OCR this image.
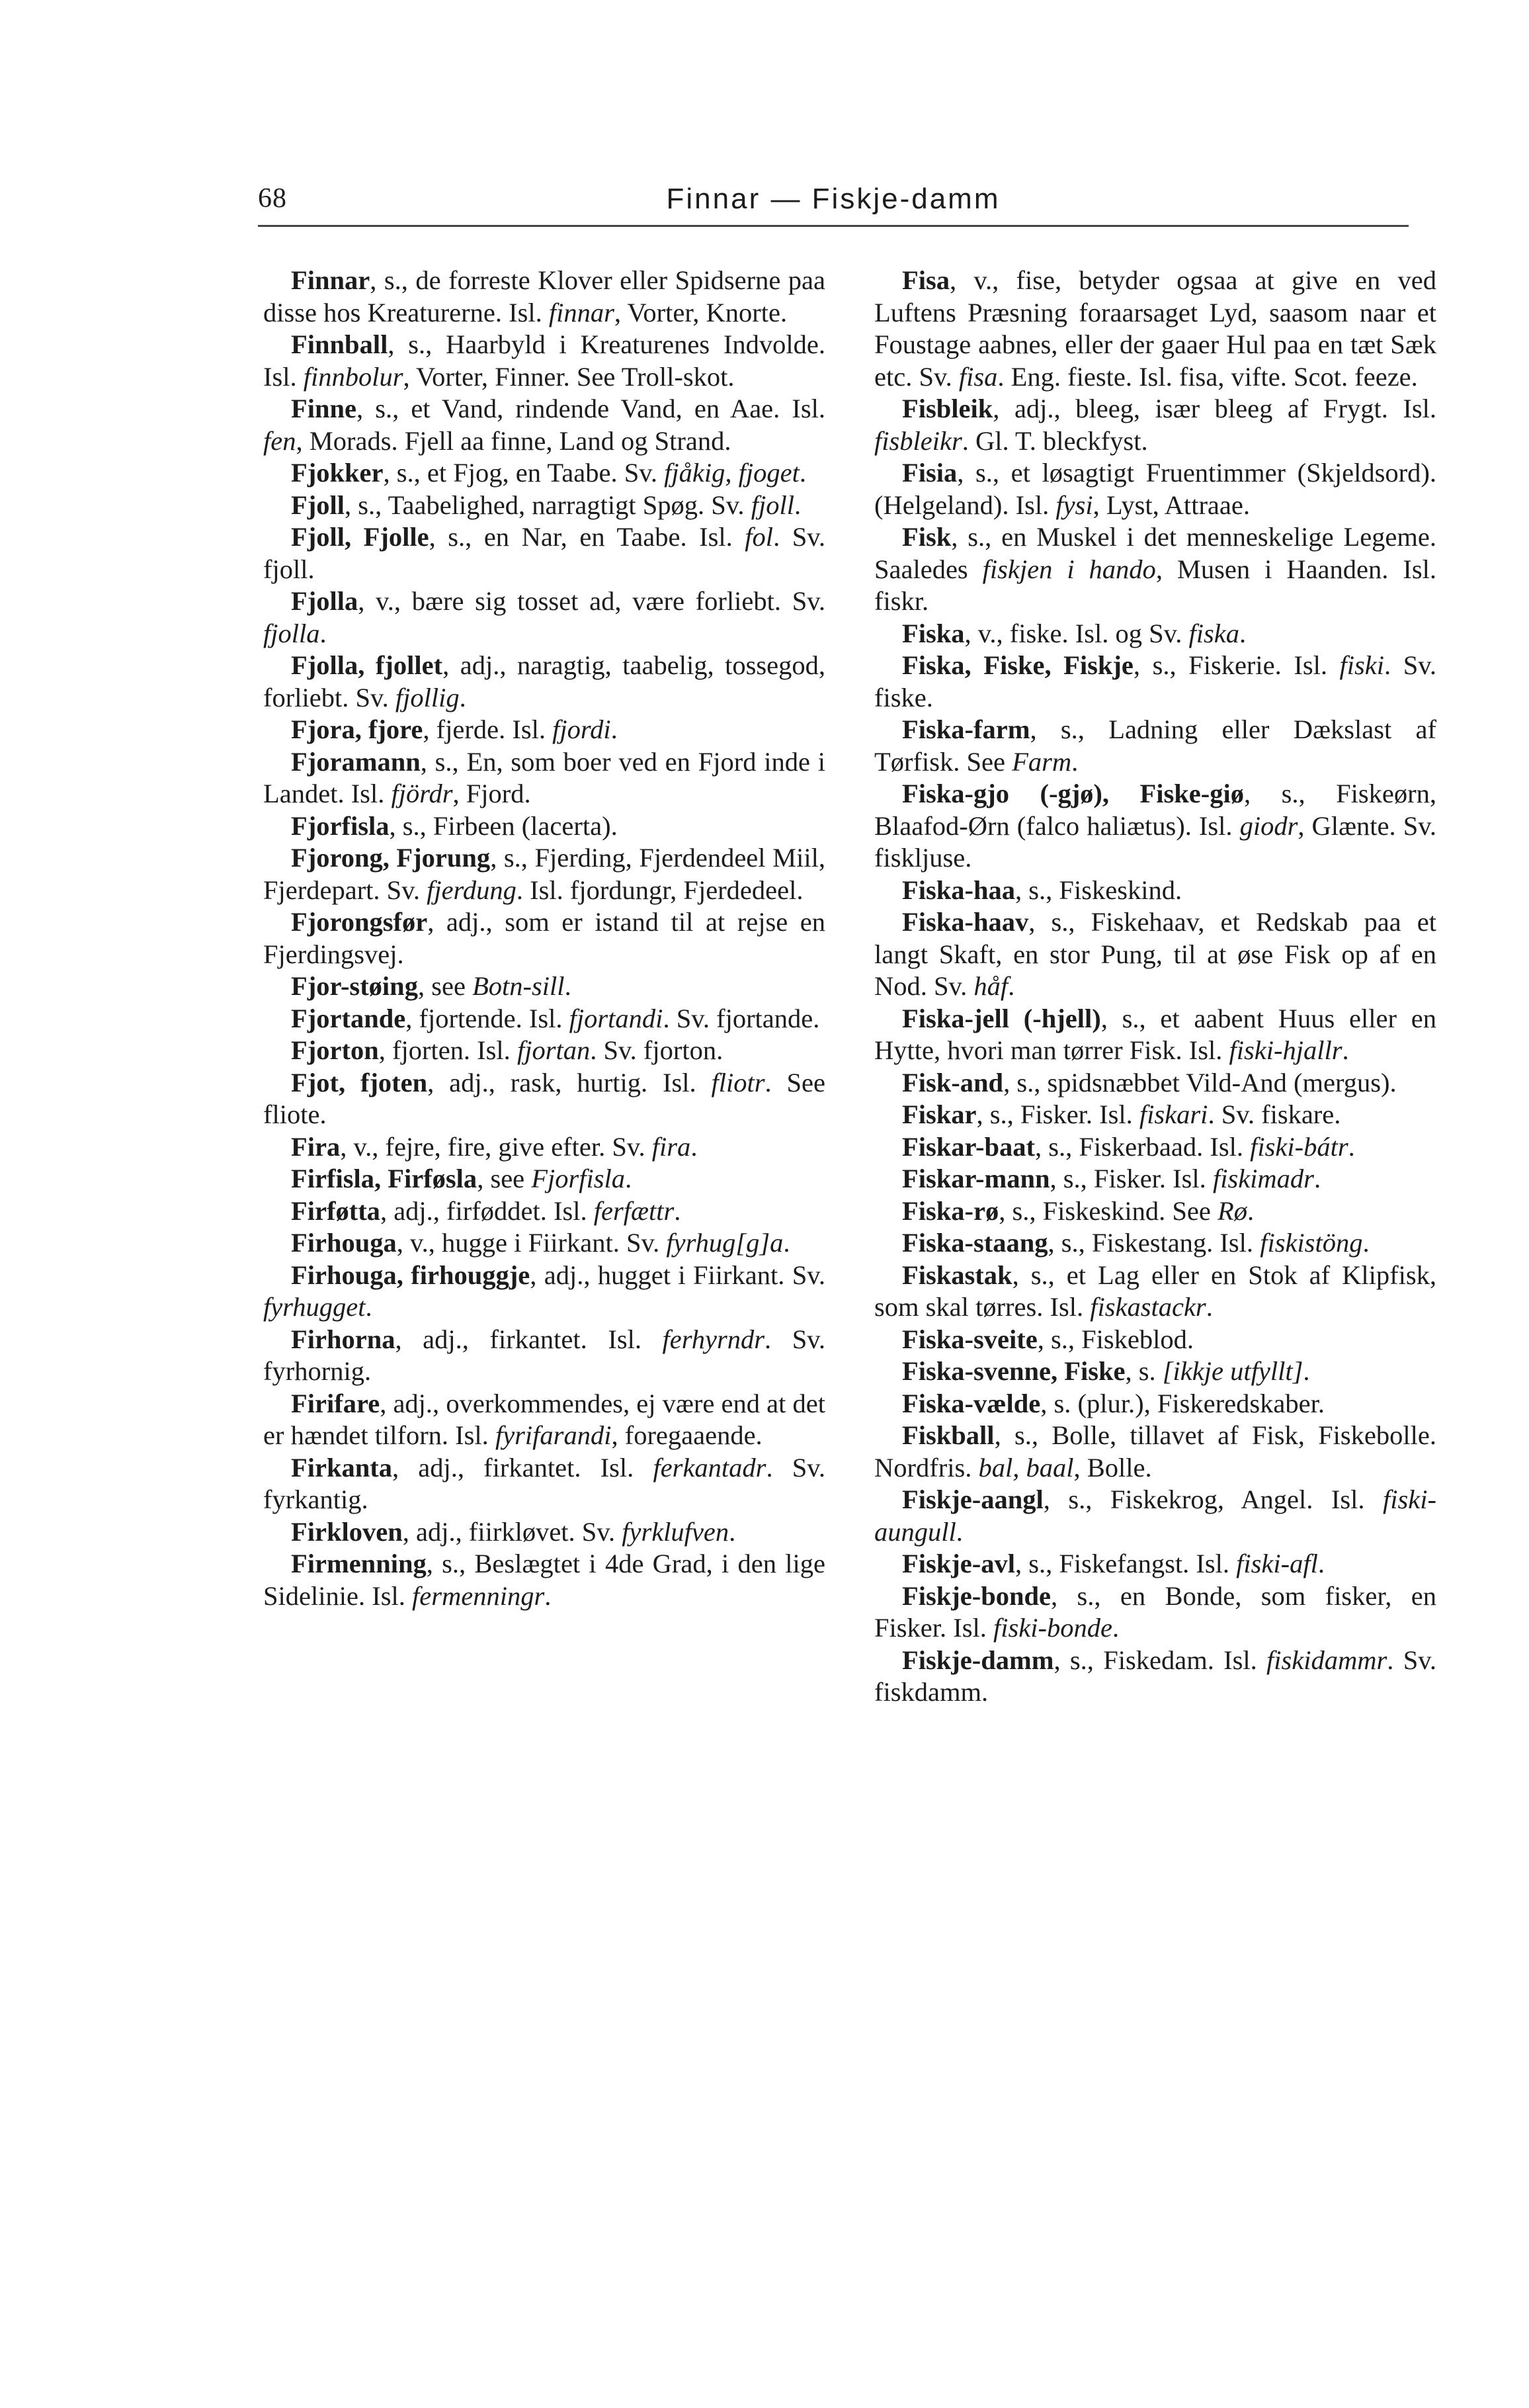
68	Finnar — Fiskje-damm

Finnar, s., de forreste Klover eller Spidserne paa disse hos Kreaturerne. Isl. finnar, Vorter, Knorte.

Finnball, s., Haarbyld i Kreaturenes Indvolde. Isl. finnbolur, Vorter, Finner. See Troll-skot.

Finne, s., et Vand, rindende Vand, en Aae. Isl. fen, Morads. Fjell aa finne, Land og Strand.

Fjokker, s., et Fjog, en Taabe. Sv. fjåkig, fjoget.

Fjoll, s., Taabelighed, narragtigt Spøg. Sv. fjoll.

Fjoll, Fjolle, s., en Nar, en Taabe. Isl. fol. Sv. fjoll.

Fjolla, v., bære sig tosset ad, være forliebt. Sv. fjolla.

Fjolla, fjollet, adj., naragtig, taabelig, tossegod, forliebt. Sv. fjollig.

Fjora, fjore, fjerde. Isl. fjordi.

Fjoramann, s., En, som boer ved en Fjord inde i Landet. Isl. fjördr, Fjord.

Fjorfisla, s., Firbeen (lacerta).

Fjorong, Fjorung, s., Fjerding, Fjerdendeel Miil, Fjerdepart. Sv. fjerdung. Isl. fjordungr, Fjerdedeel.

Fjorongsfør, adj., som er istand til at rejse en Fjerdingsvej.

Fjor-støing, see Botn-sill.

Fjortande, fjortende. Isl. fjortandi. Sv. fjortande.

Fjorton, fjorten. Isl. fjortan. Sv. fjorton.

Fjot, fjoten, adj., rask, hurtig. Isl. fliotr. See fliote.

Fira, v., fejre, fire, give efter. Sv. fira.

Firfisla, Firføsla, see Fjorfisla.

Firføtta, adj., firføddet. Isl. ferfættr.

Firhouga, v., hugge i Fiirkant. Sv. fyrhug[g]a.

Firhouga, firhouggje, adj., hugget i Fiirkant. Sv. fyrhugget.

Firhorna, adj., firkantet. Isl. ferhyrndr. Sv. fyrhornig.

Firifare, adj., overkommendes, ej være end at det er hændet tilforn. Isl. fyrifarandi, foregaaende.

Firkanta, adj., firkantet. Isl. ferkantadr. Sv. fyrkantig.

Firkloven, adj., fiirkløvet. Sv. fyrklufven.

Firmenning, s., Beslægtet i 4de Grad, i den lige Sidelinie. Isl. fermenningr.

Fisa, v., fise, betyder ogsaa at give en ved Luftens Præsning foraarsaget Lyd, saasom naar et Foustage aabnes, eller der gaaer Hul paa en tæt Sæk etc. Sv. fisa. Eng. fieste. Isl. fisa, vifte. Scot. feeze.

Fisbleik, adj., bleeg, især bleeg af Frygt. Isl. fisbleikr. Gl. T. bleckfyst.

Fisia, s., et løsagtigt Fruentimmer (Skjeldsord). (Helgeland). Isl. fysi, Lyst, Attraae.

Fisk, s., en Muskel i det menneskelige Legeme. Saaledes fiskjen i hando, Musen i Haanden. Isl. fiskr.

Fiska, v., fiske. Isl. og Sv. fiska.

Fiska, Fiske, Fiskje, s., Fiskerie. Isl. fiski. Sv. fiske.

Fiska-farm, s., Ladning eller Dækslast af Tørfisk. See Farm.

Fiska-gjo (-gjø), Fiske-giø, s., Fiskeørn, Blaafod-Ørn (falco haliætus). Isl. giodr, Glænte. Sv. fiskljuse.

Fiska-haa, s., Fiskeskind.

Fiska-haav, s., Fiskehaav, et Redskab paa et langt Skaft, en stor Pung, til at øse Fisk op af en Nod. Sv. håf.

Fiska-jell (-hjell), s., et aabent Huus eller en Hytte, hvori man tørrer Fisk. Isl. fiski-hjallr.

Fisk-and, s., spidsnæbbet Vild-And (mergus).

Fiskar, s., Fisker. Isl. fiskari. Sv. fiskare.

Fiskar-baat, s., Fiskerbaad. Isl. fiski-bátr.

Fiskar-mann, s., Fisker. Isl. fiskimadr.

Fiska-rø, s., Fiskeskind. See Rø.

Fiska-staang, s., Fiskestang. Isl. fiskistöng.

Fiskastak, s., et Lag eller en Stok af Klipfisk, som skal tørres. Isl. fiskastackr.

Fiska-sveite, s., Fiskeblod.

Fiska-svenne, Fiske, s. [ikkje utfyllt].

Fiska-vælde, s. (plur.), Fiskeredskaber.

Fiskball, s., Bolle, tillavet af Fisk, Fiskebolle. Nordfris. bal, baal, Bolle.

Fiskje-aangl, s., Fiskekrog, Angel. Isl. fiski-aungull.

Fiskje-avl, s., Fiskefangst. Isl. fiski-afl.

Fiskje-bonde, s., en Bonde, som fisker, en Fisker. Isl. fiski-bonde.

Fiskje-damm, s., Fiskedam. Isl. fiskidammr. Sv. fiskdamm.
